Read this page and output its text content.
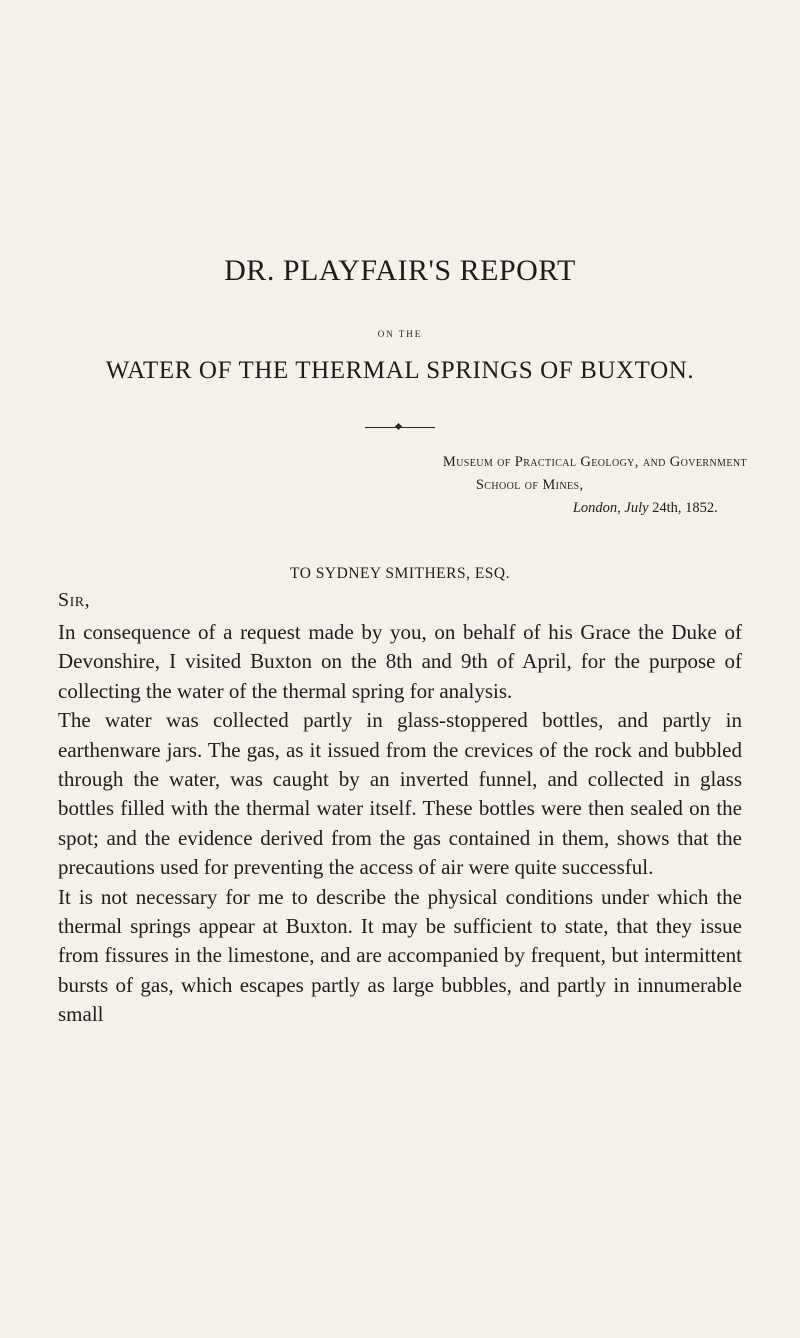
DR. PLAYFAIR'S REPORT
ON THE
WATER OF THE THERMAL SPRINGS OF BUXTON.
Museum of Practical Geology, and Government
School of Mines,
London, July 24th, 1852.
TO SYDNEY SMITHERS, ESQ.
Sir,

In consequence of a request made by you, on behalf of his Grace the Duke of Devonshire, I visited Buxton on the 8th and 9th of April, for the purpose of collecting the water of the thermal spring for analysis.

The water was collected partly in glass-stoppered bottles, and partly in earthenware jars. The gas, as it issued from the crevices of the rock and bubbled through the water, was caught by an inverted funnel, and collected in glass bottles filled with the thermal water itself. These bottles were then sealed on the spot; and the evidence derived from the gas contained in them, shows that the precautions used for preventing the access of air were quite successful.

It is not necessary for me to describe the physical conditions under which the thermal springs appear at Buxton. It may be sufficient to state, that they issue from fissures in the limestone, and are accompanied by frequent, but intermittent bursts of gas, which escapes partly as large bubbles, and partly in innumerable small
